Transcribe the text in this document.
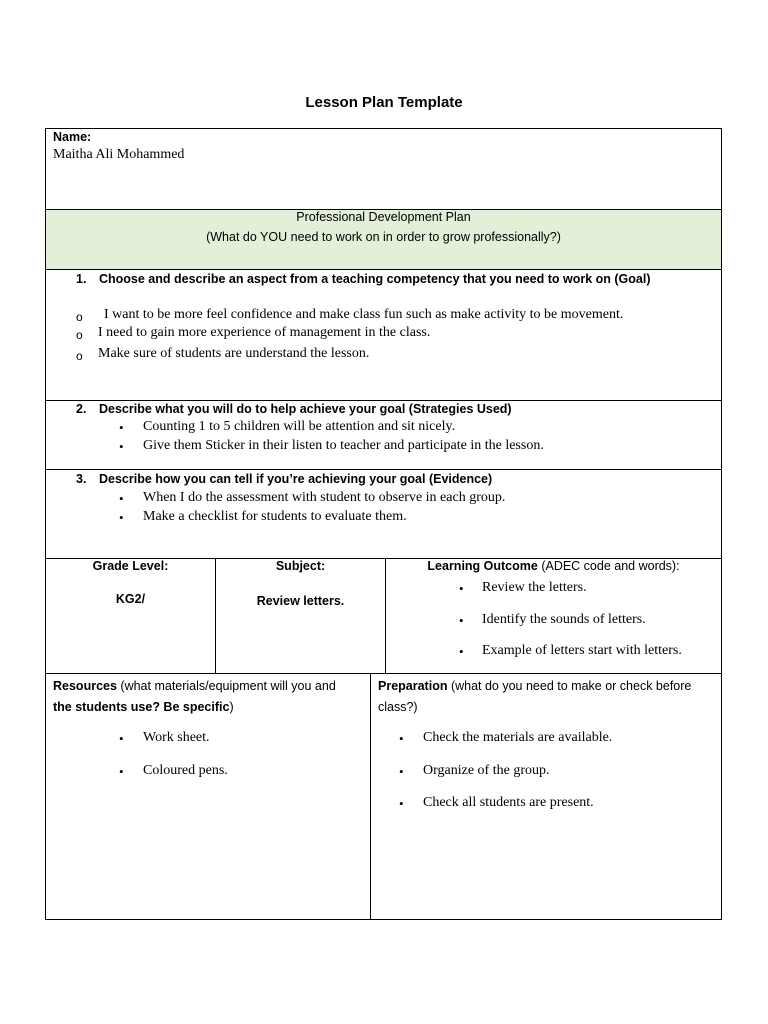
Lesson Plan Template
Name:
Maitha Ali Mohammed
Professional Development Plan
(What do YOU need to work on in order to grow professionally?)
1. Choose and describe an aspect from a teaching competency that you need to work on (Goal)
o I want to be more feel confidence and make class fun such as make activity to be movement.
o I need to gain more experience of management in the class.
o Make sure of students are understand the lesson.
2. Describe what you will do to help achieve your goal (Strategies Used)
• Counting 1 to 5 children will be attention and sit nicely.
• Give them Sticker in their listen to teacher and participate in the lesson.
3. Describe how you can tell if you’re achieving your goal (Evidence)
• When I do the assessment with student to observe in each group.
• Make a checklist for students to evaluate them.
Grade Level:
KG2/
Subject:
Review letters.
Learning Outcome (ADEC code and words):
• Review the letters.
• Identify the sounds of letters.
• Example of letters start with letters.
Resources (what materials/equipment will you and
the students use? Be specific)
• Work sheet.
• Coloured pens.
Preparation (what do you need to make or check before
class?)
• Check the materials are available.
• Organize of the group.
• Check all students are present.
